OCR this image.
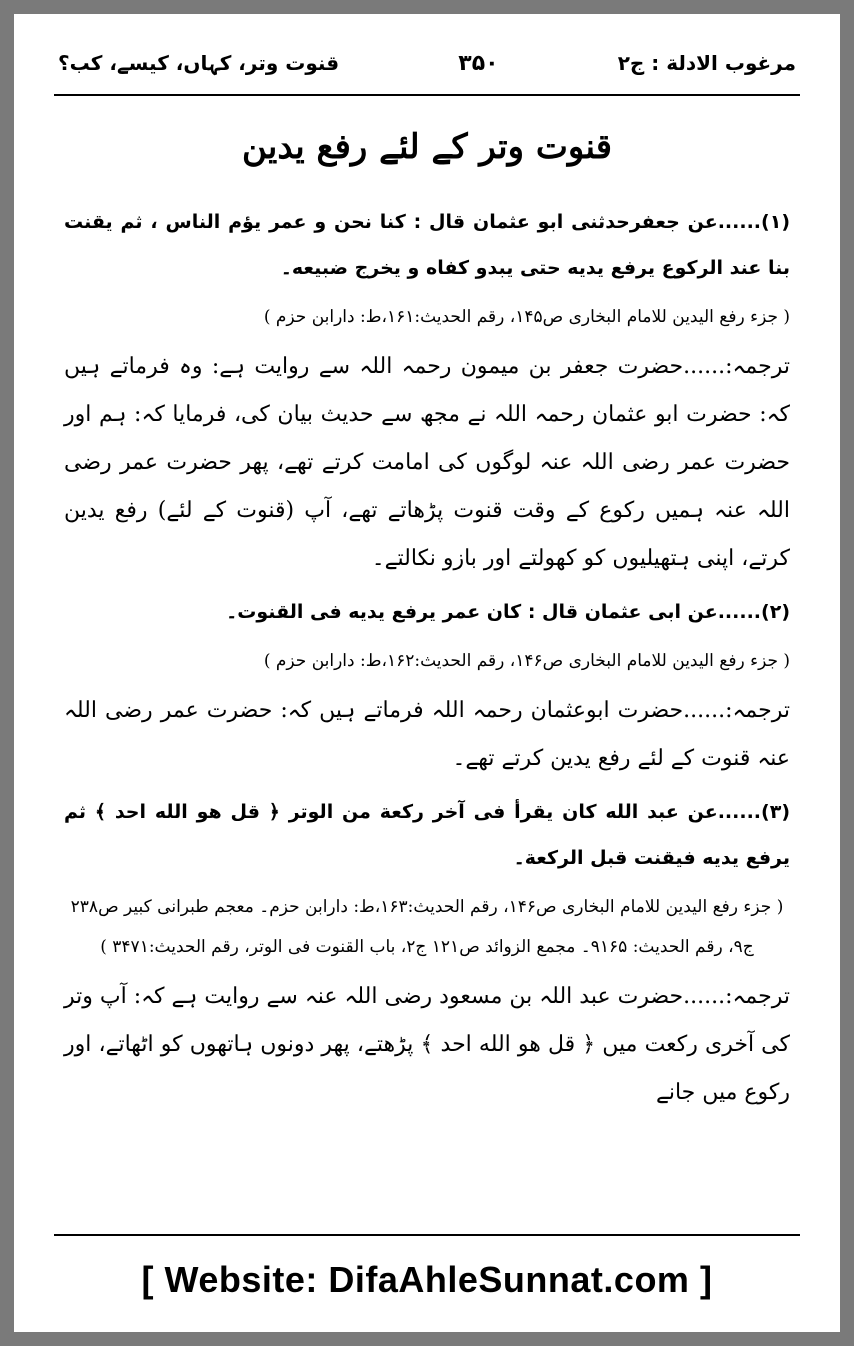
قنوت وتر، کہاں، کیسے، کب؟	۳۵۰	مرغوب الادلة : ج۲
قنوت وتر کے لئے رفع یدین

(۱)......عن جعفرحدثنی ابو عثمان قال : کنا نحن و عمر یؤم الناس ، ثم یقنت بنا عند الرکوع یرفع یدیه حتی یبدو کفاه و یخرج ضبیعه۔

( جزء رفع الیدین للامام البخاری ص۱۴۵، رقم الحدیث:۱۶۱،ط: دارابن حزم )

ترجمہ:......حضرت جعفر بن میمون رحمہ اللہ سے روایت ہے: وہ فرماتے ہیں کہ: حضرت ابو عثمان رحمہ اللہ نے مجھ سے حدیث بیان کی، فرمایا کہ: ہم اور حضرت عمر رضی اللہ عنہ لوگوں کی امامت کرتے تھے، پھر حضرت عمر رضی اللہ عنہ ہمیں رکوع کے وقت قنوت پڑھاتے تھے، آپ (قنوت کے لئے) رفع یدین کرتے، اپنی ہتھیلیوں کو کھولتے اور بازو نکالتے۔

(۲)......عن ابی عثمان قال : کان عمر یرفع یدیه فی القنوت۔

( جزء رفع الیدین للامام البخاری ص۱۴۶، رقم الحدیث:۱۶۲،ط: دارابن حزم )

ترجمہ:......حضرت ابوعثمان رحمہ اللہ فرماتے ہیں کہ: حضرت عمر رضی اللہ عنہ قنوت کے لئے رفع یدین کرتے تھے۔

(۳)......عن عبد الله کان یقرأ فی آخر رکعة من الوتر ﴿ قل هو الله احد ﴾ ثم یرفع یدیه فیقنت قبل الرکعة۔

( جزء رفع الیدین للامام البخاری ص۱۴۶، رقم الحدیث:۱۶۳،ط: دارابن حزم۔ معجم طبرانی کبیر ص۲۳۸ ج۹، رقم الحدیث: ۹۱۶۵۔ مجمع الزوائد ص۱۲۱ ج۲، باب القنوت فی الوتر، رقم الحدیث:۳۴۷۱ )

ترجمہ:......حضرت عبد اللہ بن مسعود رضی اللہ عنہ سے روایت ہے کہ: آپ وتر کی آخری رکعت میں ﴿ قل هو الله احد ﴾ پڑھتے، پھر دونوں ہاتھوں کو اٹھاتے، اور رکوع میں جانے

[ Website: DifaAhleSunnat.com ]
